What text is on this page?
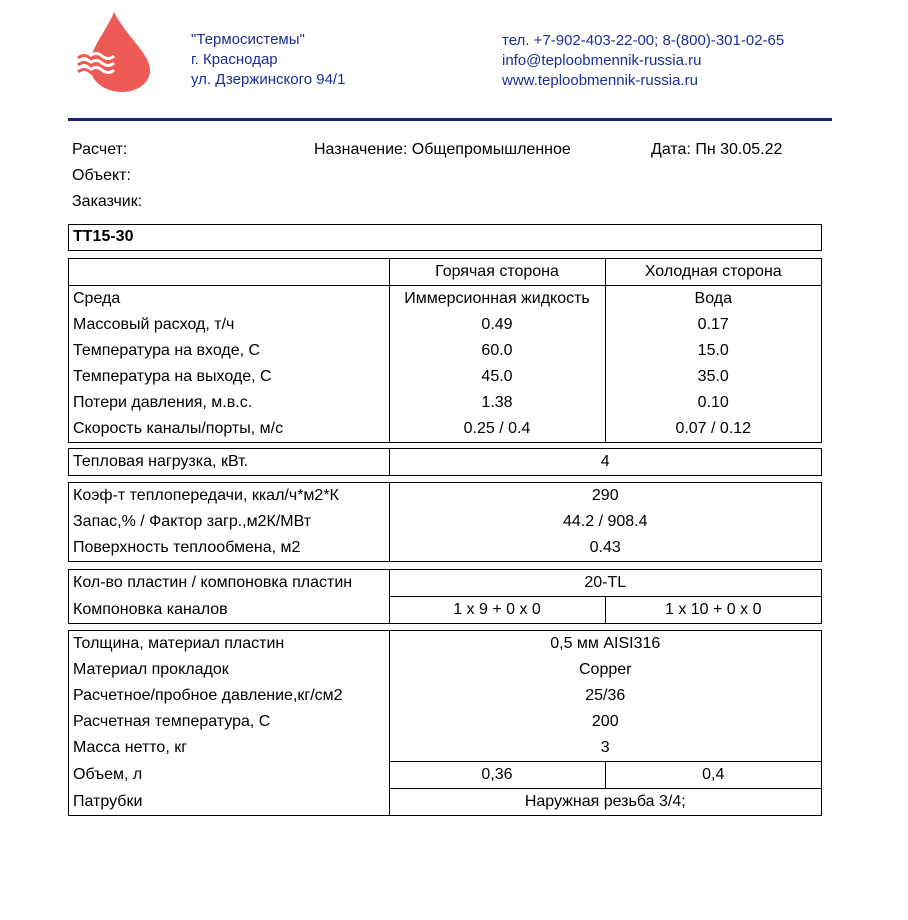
"Термосистемы"
г. Краснодар
ул. Дзержинского 94/1
тел. +7-902-403-22-00; 8-(800)-301-02-65
info@teploobmennik-russia.ru
www.teploobmennik-russia.ru
Расчет:	Назначение: Общепромышленное	Дата: Пн 30.05.22
Объект:
Заказчик:
ТТ15-30
	Горячая сторона	Холодная сторона
Среда	Иммерсионная жидкость	Вода
Массовый расход, т/ч	0.49	0.17
Температура на входе, С	60.0	15.0
Температура на выходе, С	45.0	35.0
Потери давления, м.в.с.	1.38	0.10
Скорость каналы/порты, м/с	0.25 / 0.4	0.07 / 0.12
Тепловая нагрузка, кВт.	4
Коэф-т теплопередачи, ккал/ч*м2*К	290
Запас,% / Фактор загр.,м2К/МВт	44.2 / 908.4
Поверхность теплообмена, м2	0.43
Кол-во пластин / компоновка пластин	20-TL	
Компоновка каналов	1 x 9 + 0 x 0	1 x 10 + 0 x 0
Толщина, материал пластин	0,5 мм AISI316	
Материал прокладок	Copper	
Расчетное/пробное давление,кг/см2	25/36	
Расчетная температура, С	200	
Масса нетто, кг	3	
Объем, л	0,36	0,4
Патрубки	Наружная резьба 3/4;	
